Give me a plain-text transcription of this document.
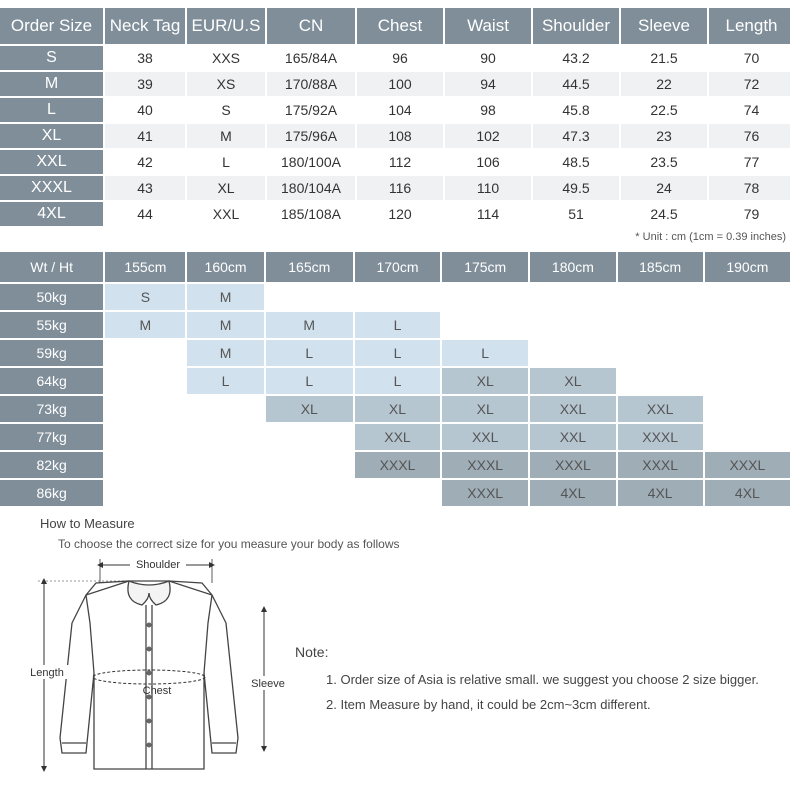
Order Size	Neck Tag	EUR/U.S	CN	Chest	Waist	Shoulder	Sleeve	Length
S	38	XXS	165/84A	96	90	43.2	21.5	70
M	39	XS	170/88A	100	94	44.5	22	72
L	40	S	175/92A	104	98	45.8	22.5	74
XL	41	M	175/96A	108	102	47.3	23	76
XXL	42	L	180/100A	112	106	48.5	23.5	77
XXXL	43	XL	180/104A	116	110	49.5	24	78
4XL	44	XXL	185/108A	120	114	51	24.5	79
* Unit : cm (1cm = 0.39 inches)
Wt / Ht	155cm	160cm	165cm	170cm	175cm	180cm	185cm	190cm
50kg	S	M						
55kg	M	M	M	L				
59kg		M	L	L	L			
64kg		L	L	L	XL	XL		
73kg			XL	XL	XL	XXL	XXL	
77kg				XXL	XXL	XXL	XXXL	
82kg				XXXL	XXXL	XXXL	XXXL	XXXL
86kg					XXXL	4XL	4XL	4XL
How to Measure
To choose the correct size for you measure your body as follows
Shoulder
Length
Sleeve
Chest
Note:
1. Order size of Asia is relative small. we suggest you choose 2 size bigger.
2. Item Measure by hand, it could be 2cm~3cm different.
